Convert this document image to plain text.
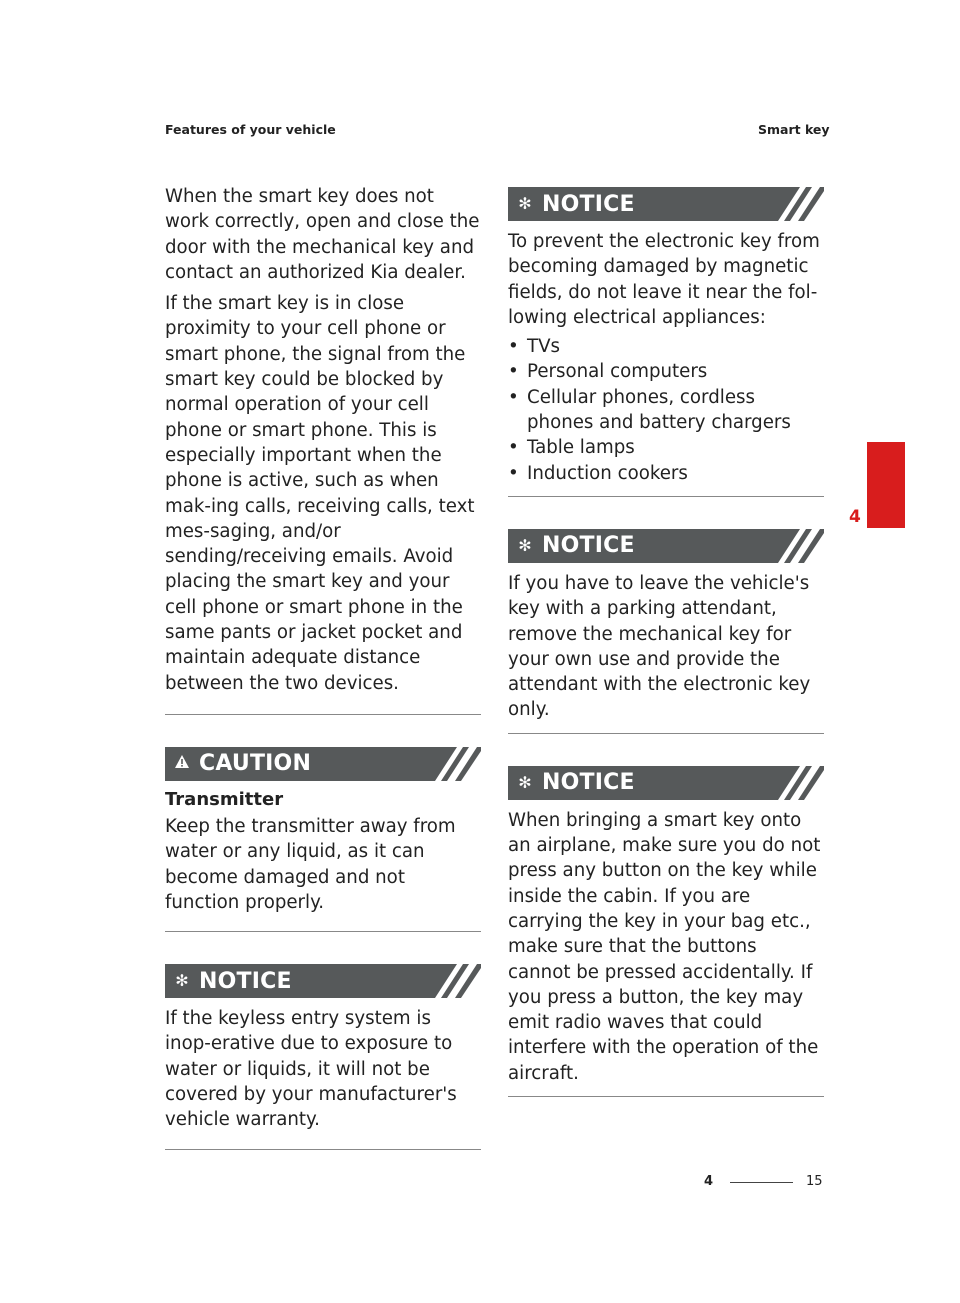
Features of your vehicle	Smart key

When the smart key does not work correctly, open and close the door with the mechanical key and contact an authorized Kia dealer.

If the smart key is in close proximity to your cell phone or smart phone, the signal from the smart key could be blocked by normal operation of your cell phone or smart phone. This is especially important when the phone is active, such as when mak-ing calls, receiving calls, text mes-saging, and/or sending/receiving emails. Avoid placing the smart key and your cell phone or smart phone in the same pants or jacket pocket and maintain adequate distance between the two devices.

CAUTION
Transmitter

Keep the transmitter away from water or any liquid, as it can become damaged and not function properly.

✻ NOTICE

If the keyless entry system is inop-erative due to exposure to water or liquids, it will not be covered by your manufacturer's vehicle warranty.

✻ NOTICE

To prevent the electronic key from becoming damaged by magnetic fields, do not leave it near the fol-lowing electrical appliances:

• TVs
• Personal computers
• Cellular phones, cordless phones and battery chargers
• Table lamps
• Induction cookers
✻ NOTICE

If you have to leave the vehicle's key with a parking attendant, remove the mechanical key for your own use and provide the attendant with the electronic key only.

✻ NOTICE

When bringing a smart key onto an airplane, make sure you do not press any button on the key while inside the cabin. If you are carrying the key in your bag etc., make sure that the buttons cannot be pressed accidentally. If you press a button, the key may emit radio waves that could interfere with the operation of the aircraft.

4
4	15
